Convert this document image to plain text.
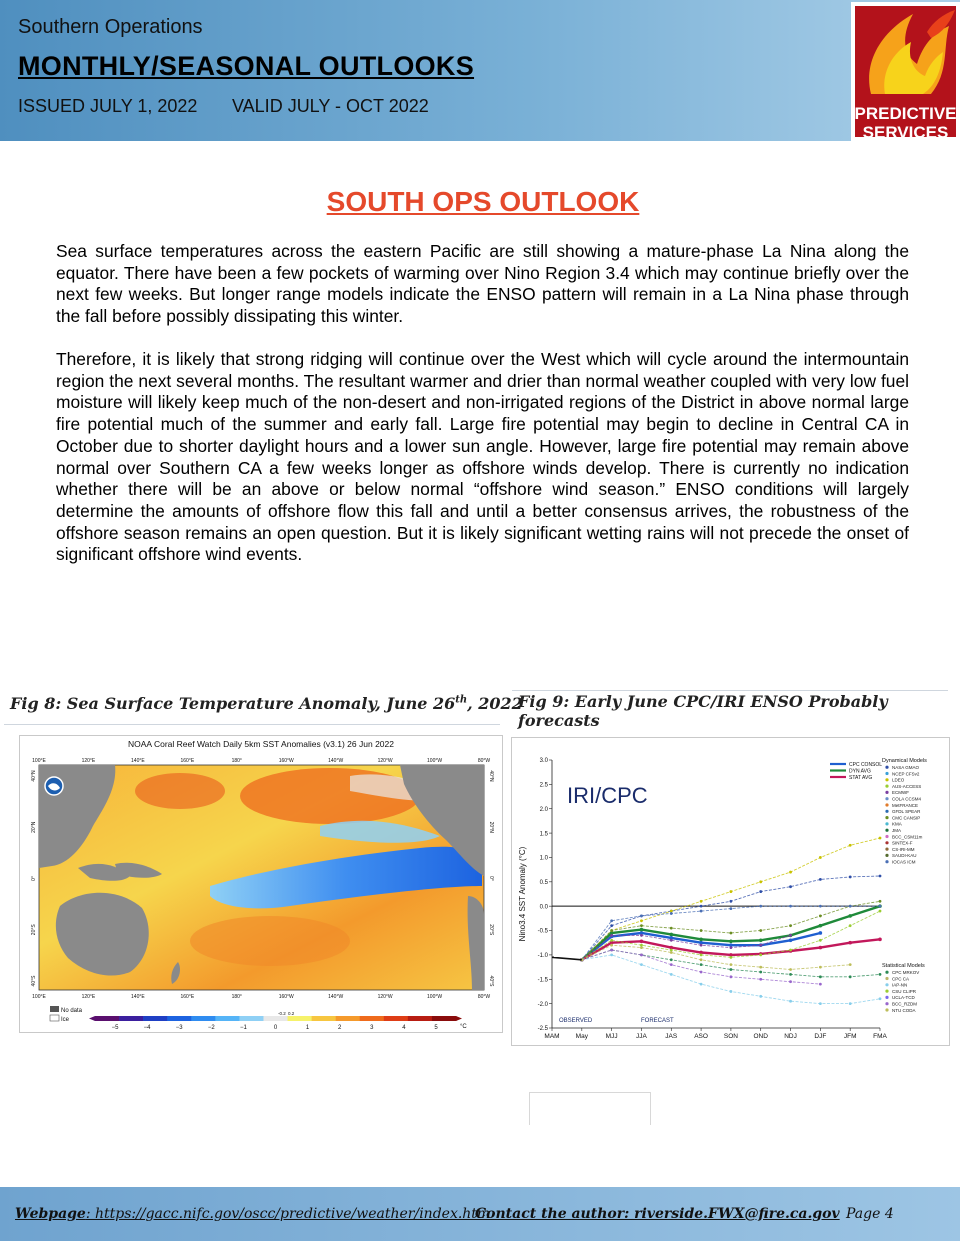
Southern Operations
MONTHLY/SEASONAL OUTLOOKS
ISSUED JULY 1, 2022 VALID JULY - OCT 2022	PREDICTIVE
SERVICES
SOUTH OPS OUTLOOK
Sea surface temperatures across the eastern Pacific are still showing a mature-phase La Nina along the equator. There have been a few pockets of warming over Nino Region 3.4 which may continue briefly over the next few weeks. But longer range models indicate the ENSO pattern will remain in a La Nina phase through the fall before possibly dissipating this winter.
Therefore, it is likely that strong ridging will continue over the West which will cycle around the intermountain region the next several months. The resultant warmer and drier than normal weather coupled with very low fuel moisture will likely keep much of the non-desert and non-irrigated regions of the District in above normal large fire potential much of the summer and early fall. Large fire potential may begin to decline in Central CA in October due to shorter daylight hours and a lower sun angle. However, large fire potential may remain above normal over Southern CA a few weeks longer as offshore winds develop. There is currently no indication whether there will be an above or below normal “offshore wind season.” ENSO conditions will largely determine the amounts of offshore flow this fall and until a better consensus arrives, the robustness of the offshore season remains an open question. But it is likely significant wetting rains will not precede the onset of significant offshore wind events.
Fig 8: Sea Surface Temperature Anomaly, June 26th, 2022
Fig 9: Early June CPC/IRI ENSO Probably forecasts
NOAA Coral Reef Watch Daily 5km SST Anomalies (v3.1) 26 Jun 2022
100°E	120°E	140°E	160°E	180°	160°W	140°W	120°W	100°W	80°W
100°E	120°E	140°E	160°E	180°	160°W	140°W	120°W	100°W	80°W
40°N
20°N
0°
20°S
40°S
40°N
20°N
0°
20°S
40°S
No data
Ice
−5	−4	−3	−2	−1	0	1	2	3	4	5
-0.2 0.2
°C
IRI/CPC
-2.5
-2.0
-1.5
-1.0
-0.5
0.0
0.5
1.0
1.5
2.0
2.5
3.0
MAM May	MJJ	JJA	JAS	ASO SON OND	NDJ	DJF	JFM	FMA
Nino3.4 SST Anomaly (°C)
OBSERVED	FORECAST
CPC CONSOL
DYN AVG
STAT AVG
Dynamical Models
NASA GMAO
NCEP CFSv2
LDEO
AUS-ACCESS
ECMWF
COLA CCSM4
MetFRANCE
GFDL SPEAR
CMC CANSIP
KMA
JMA
BCC_CSM11m
SINTEX-F
CS-IRI-MM
SAUDI-KAU
IOCAS ICM
Statistical Models
CPC MRKOV
CPC CA
IAP-NN
CSU CLIPR
UCLA-TCD
BCC_RZDM
NTU CODA
Webpage: https://gacc.nifc.gov/oscc/predictive/weather/index.htm
Contact the author: riverside.FWX@fire.ca.gov Page 4
